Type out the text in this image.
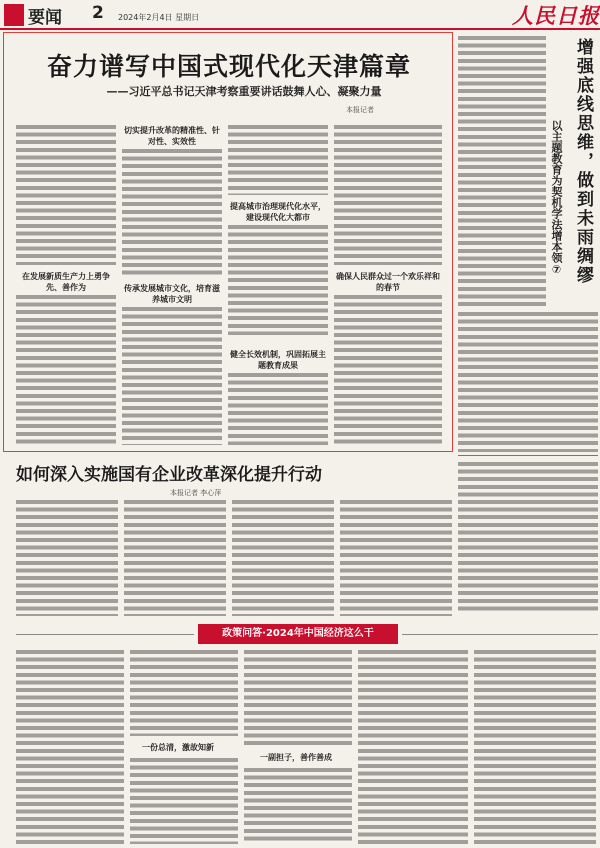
要闻 2 2024年2月4日 星期日	人民日报
奋力谱写中国式现代化天津篇章
——习近平总书记天津考察重要讲话鼓舞人心、凝聚力量
本报记者
在发展新质生产力上勇争先、善作为
切实提升改革的精准性、针对性、实效性
传承发展城市文化，培育滋养城市文明
提高城市治理现代化水平，建设现代化大都市
健全长效机制，巩固拓展主题教育成果
确保人民群众过一个欢乐祥和的春节
增强底线思维，做到未雨绸缪
以主题教育为契机学法增本领⑦
如何深入实施国有企业改革深化提升行动
本报记者 李心萍
政策问答·2024年中国经济这么干
一份总清，激故知新
一副担子，善作善成
